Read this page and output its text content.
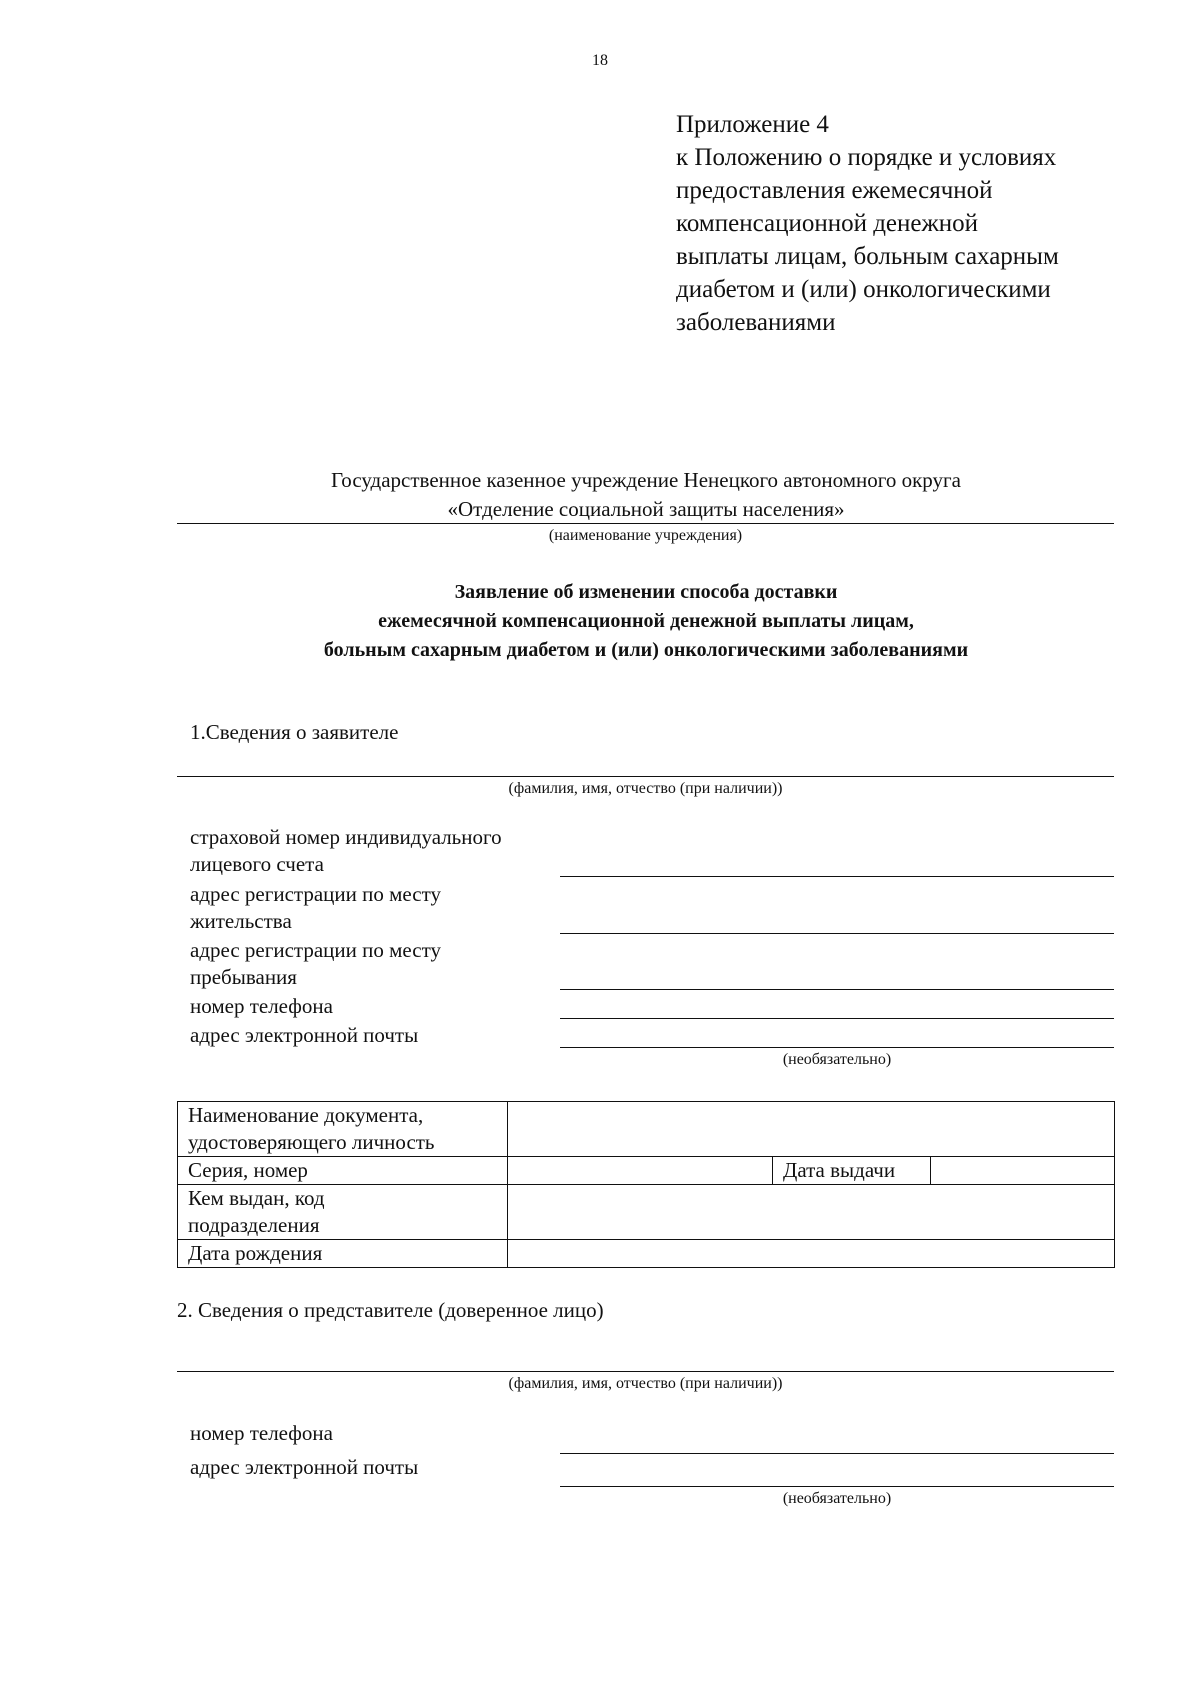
18
Приложение 4
к Положению о порядке и условиях
предоставления ежемесячной
компенсационной денежной
выплаты лицам, больным сахарным
диабетом и (или) онкологическими
заболеваниями
Государственное казенное учреждение Ненецкого автономного округа
«Отделение социальной защиты населения»
(наименование учреждения)
Заявление об изменении способа доставки
ежемесячной компенсационной денежной выплаты лицам,
больным сахарным диабетом и (или) онкологическими заболеваниями
1.Сведения о заявителе
(фамилия, имя, отчество (при наличии))
страховой номер индивидуального
лицевого счета
адрес регистрации по месту
жительства
адрес регистрации по месту
пребывания
номер телефона
адрес электронной почты
(необязательно)
Наименование документа,
удостоверяющего личность			

Серия, номер		Дата выдачи	

Кем выдан, код
подразделения			

Дата рождения			
2. Сведения о представителе (доверенное лицо)
(фамилия, имя, отчество (при наличии))
номер телефона
адрес электронной почты
(необязательно)
